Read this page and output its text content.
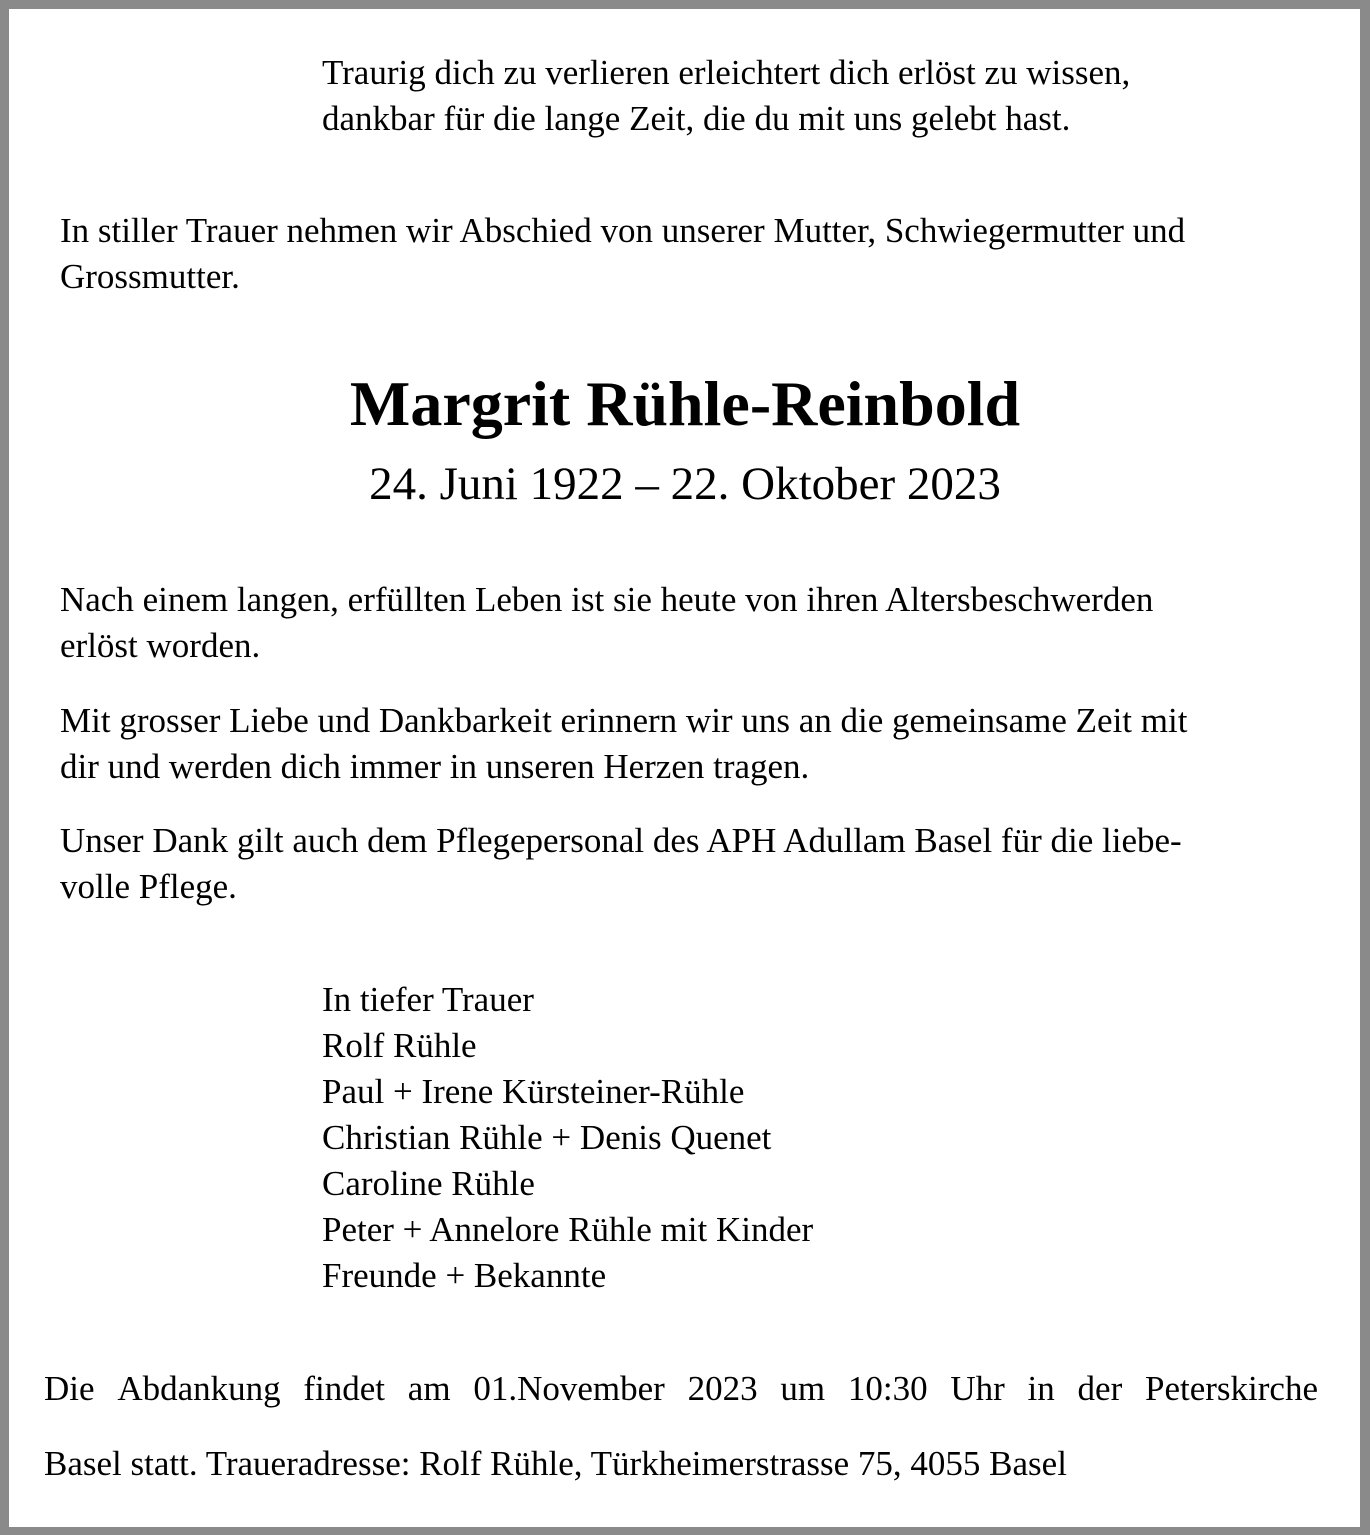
Traurig dich zu verlieren erleichtert dich erlöst zu wissen,
dankbar für die lange Zeit, die du mit uns gelebt hast.
In stiller Trauer nehmen wir Abschied von unserer Mutter, Schwiegermutter und
Grossmutter.
Margrit Rühle-Reinbold
24. Juni 1922 – 22. Oktober 2023
Nach einem langen, erfüllten Leben ist sie heute von ihren Altersbeschwerden
erlöst worden.
Mit grosser Liebe und Dankbarkeit erinnern wir uns an die gemeinsame Zeit mit
dir und werden dich immer in unseren Herzen tragen.
Unser Dank gilt auch dem Pflegepersonal des APH Adullam Basel für die liebe-
volle Pflege.
In tiefer Trauer
Rolf Rühle
Paul + Irene Kürsteiner-Rühle
Christian Rühle + Denis Quenet
Caroline Rühle
Peter + Annelore Rühle mit Kinder
Freunde + Bekannte
Die Abdankung findet am 01.November 2023 um 10:30 Uhr in der Peterskirche
Basel statt. Traueradresse: Rolf Rühle, Türkheimerstrasse 75, 4055 Basel
